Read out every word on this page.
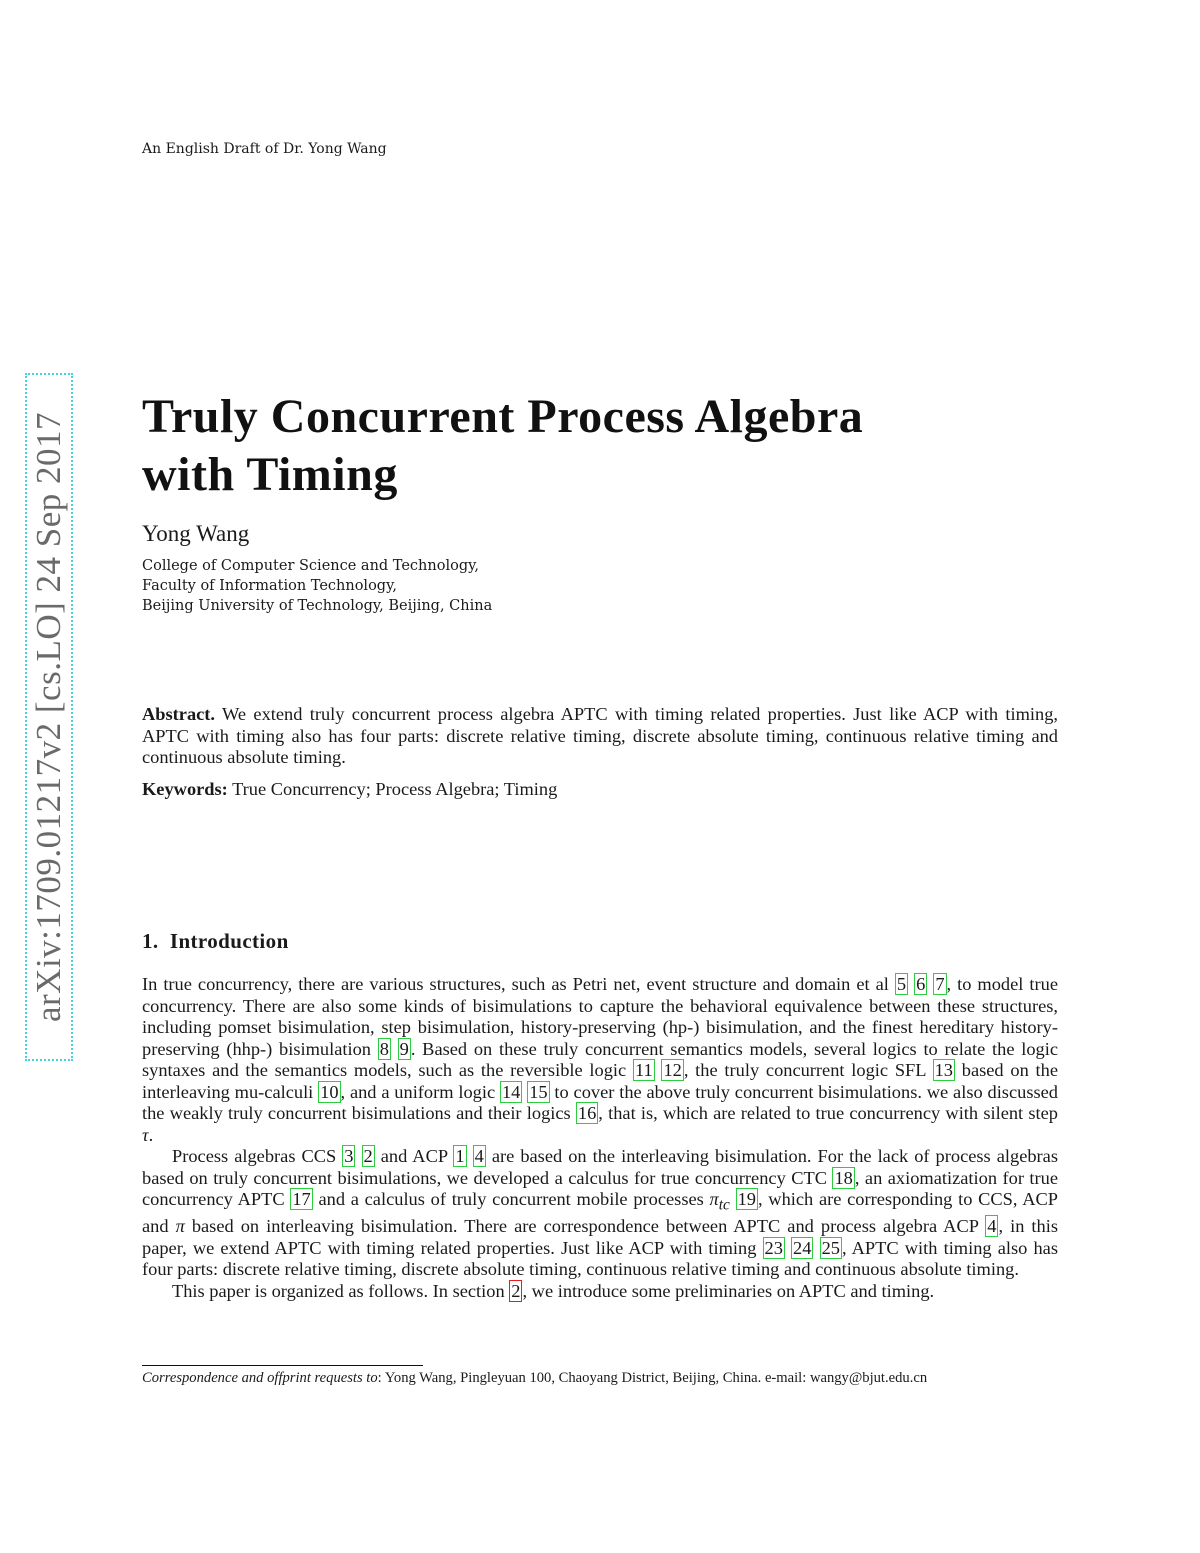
An English Draft of Dr. Yong Wang
arXiv:1709.01217v2 [cs.LO] 24 Sep 2017 Truly Concurrent Process Algebra
with Timing
Yong Wang
College of Computer Science and Technology,
Faculty of Information Technology,
Beijing University of Technology, Beijing, China
Abstract. We extend truly concurrent process algebra APTC with timing related properties. Just like ACP with timing, APTC with timing also has four parts: discrete relative timing, discrete absolute timing, continuous relative timing and continuous absolute timing.
Keywords: True Concurrency; Process Algebra; Timing
1. Introduction

In true concurrency, there are various structures, such as Petri net, event structure and domain et al 5 6 7 , to model true concurrency. There are also some kinds of bisimulations to capture the behavioral equivalence between these structures, including pomset bisimulation, step bisimulation, history-preserving (hp-) bisimulation, and the finest hereditary history-preserving (hhp-) bisimulation 8 9 . Based on these truly concurrent semantics models, several logics to relate the logic syntaxes and the semantics models, such as the reversible logic 11 12 , the truly concurrent logic SFL 13 based on the interleaving mu-calculi 10 , and a uniform logic 14 15 to cover the above truly concurrent bisimulations. we also discussed the weakly truly concurrent bisimulations and their logics 16 , that is, which are related to true concurrency with silent step τ.

Process algebras CCS 3 2 and ACP 1 4 are based on the interleaving bisimulation. For the lack of process algebras based on truly concurrent bisimulations, we developed a calculus for true concurrency CTC 18 , an axiomatization for true concurrency APTC 17 and a calculus of truly concurrent mobile processes $\pi_{tc}$ 19 , which are corresponding to CCS, ACP and π based on interleaving bisimulation. There are correspondence between APTC and process algebra ACP 4 , in this paper, we extend APTC with timing related properties. Just like ACP with timing 23 24 25 , APTC with timing also has four parts: discrete relative timing, discrete absolute timing, continuous relative timing and continuous absolute timing.

This paper is organized as follows. In section 2 , we introduce some preliminaries on APTC and timing.

Correspondence and offprint requests to: Yong Wang, Pingleyuan 100, Chaoyang District, Beijing, China. e-mail: wangy@bjut.edu.cn
